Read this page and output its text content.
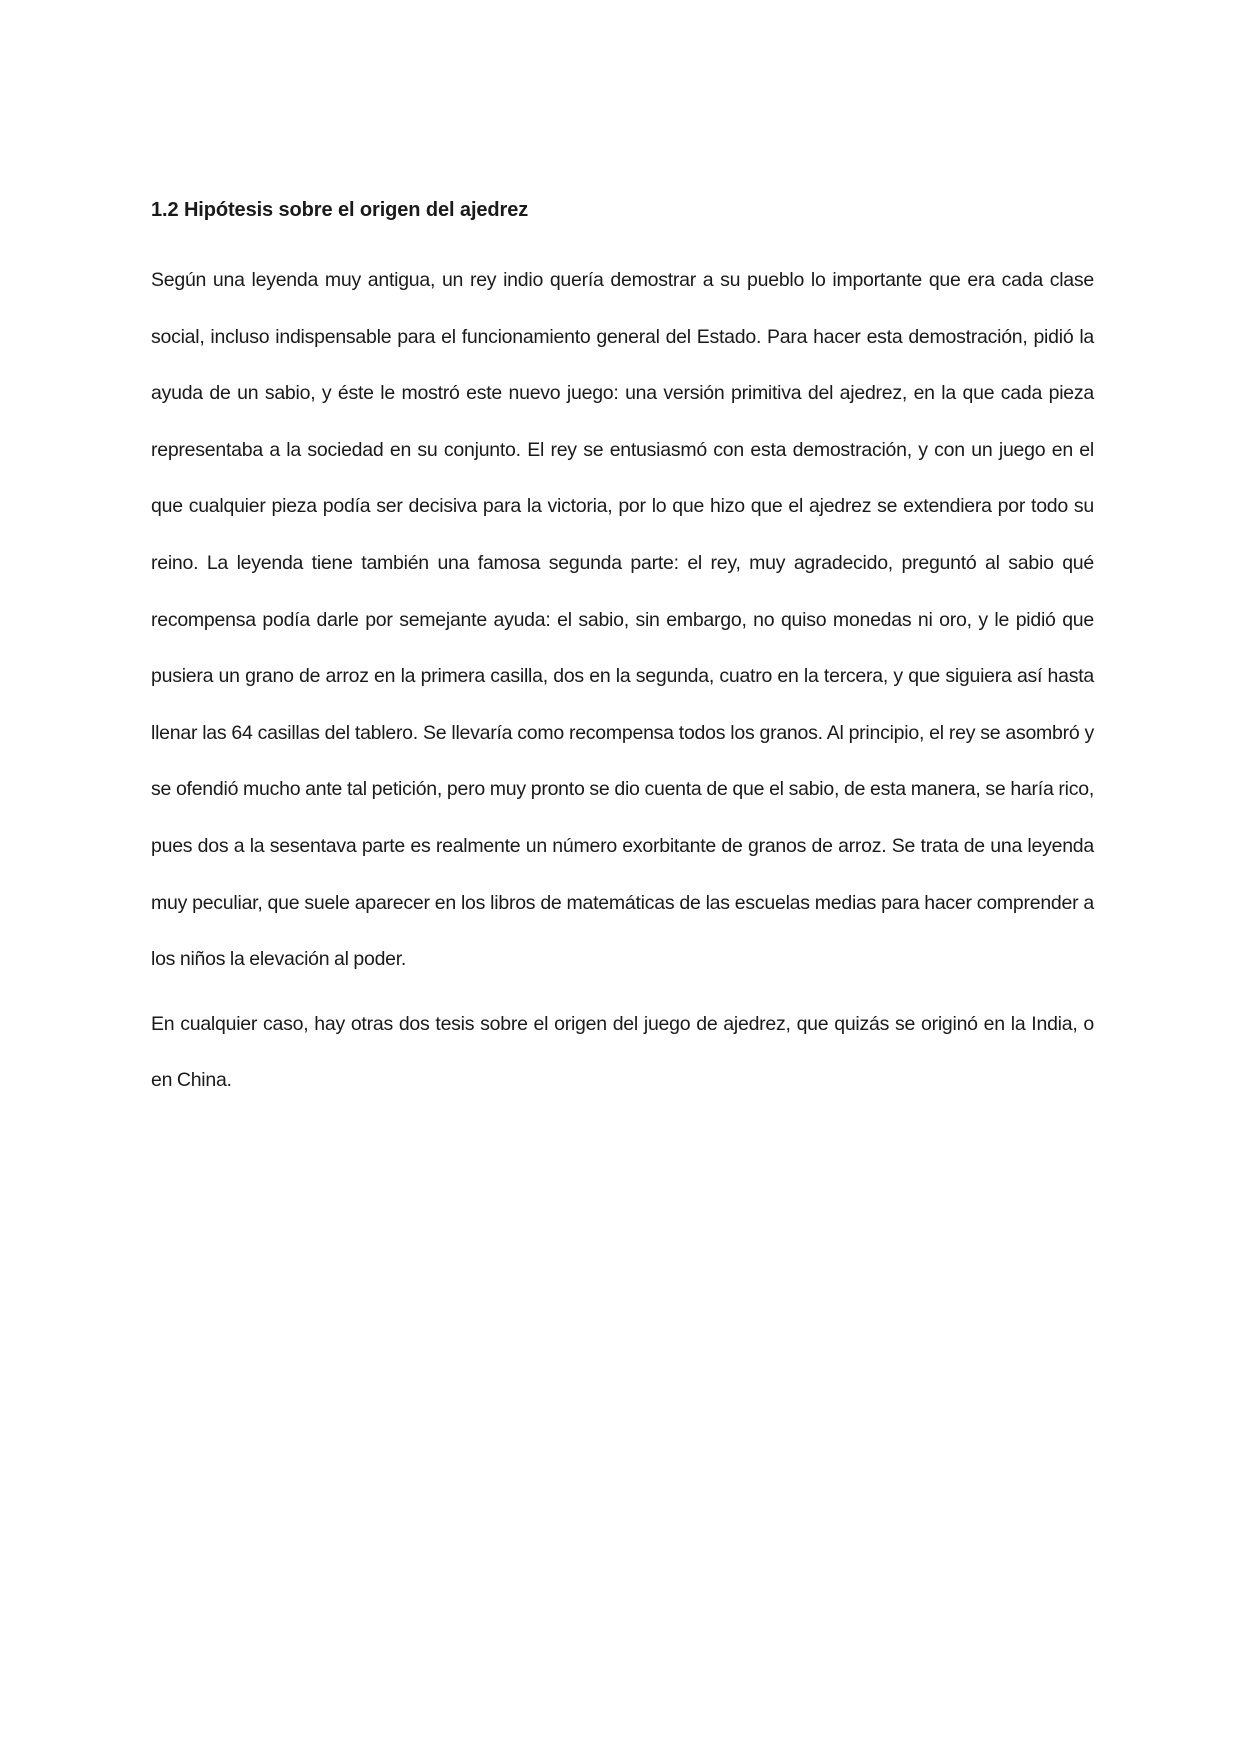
1.2 Hipótesis sobre el origen del ajedrez

Según una leyenda muy antigua, un rey indio quería demostrar a su pueblo lo importante que era cada clase social, incluso indispensable para el funcionamiento general del Estado. Para hacer esta demostración, pidió la ayuda de un sabio, y éste le mostró este nuevo juego: una versión primitiva del ajedrez, en la que cada pieza representaba a la sociedad en su conjunto. El rey se entusiasmó con esta demostración, y con un juego en el que cualquier pieza podía ser decisiva para la victoria, por lo que hizo que el ajedrez se extendiera por todo su reino. La leyenda tiene también una famosa segunda parte: el rey, muy agradecido, preguntó al sabio qué recompensa podía darle por semejante ayuda: el sabio, sin embargo, no quiso monedas ni oro, y le pidió que pusiera un grano de arroz en la primera casilla, dos en la segunda, cuatro en la tercera, y que siguiera así hasta llenar las 64 casillas del tablero. Se llevaría como recompensa todos los granos. Al principio, el rey se asombró y se ofendió mucho ante tal petición, pero muy pronto se dio cuenta de que el sabio, de esta manera, se haría rico, pues dos a la sesentava parte es realmente un número exorbitante de granos de arroz. Se trata de una leyenda muy peculiar, que suele aparecer en los libros de matemáticas de las escuelas medias para hacer comprender a los niños la elevación al poder.

En cualquier caso, hay otras dos tesis sobre el origen del juego de ajedrez, que quizás se originó en la India, o en China.
